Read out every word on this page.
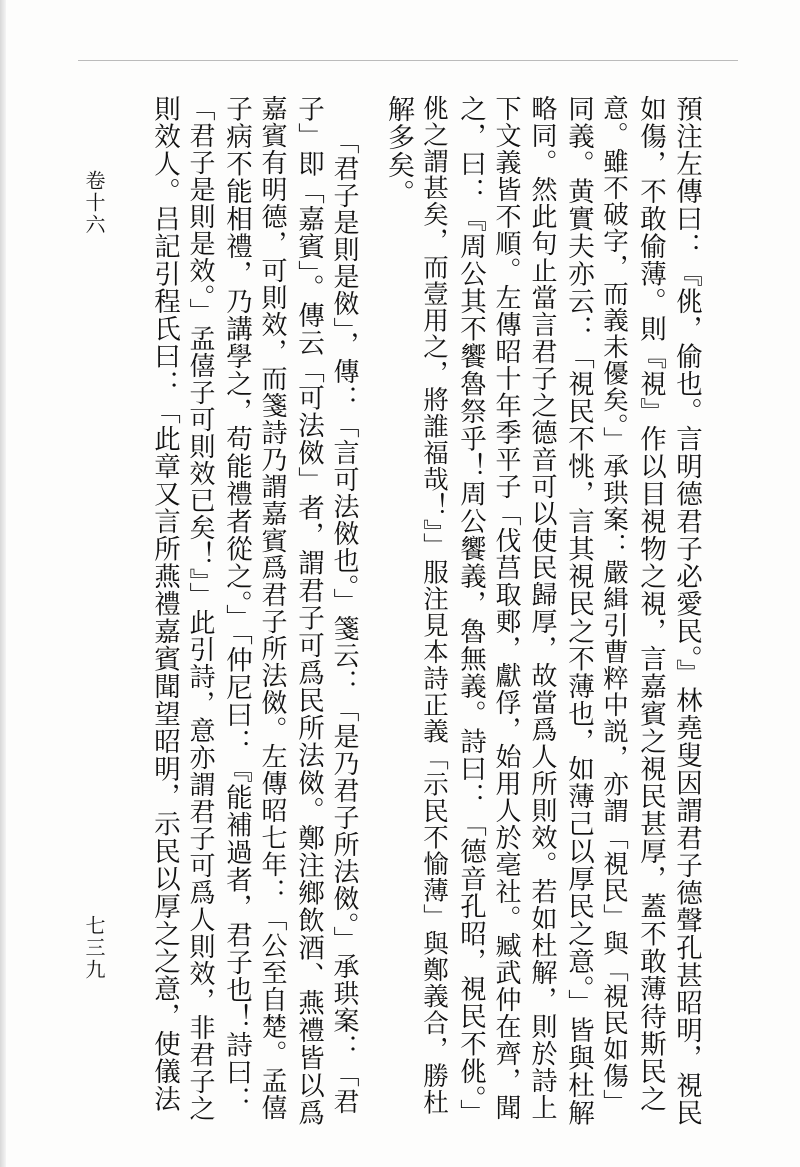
預注左傳曰：『佻，偷也。言明德君子必愛民。』林堯叟因謂君子德聲孔甚昭明，視民
如傷，不敢偷薄。則『視』作以目視物之視，言嘉賓之視民甚厚，蓋不敢薄待斯民之
意。雖不破字，而義未優矣。」承珙案：嚴緝引曹粹中説，亦謂「視民」與「視民如傷」
同義。黄實夫亦云：「視民不恌，言其視民之不薄也，如薄己以厚民之意。」皆與杜解
略同。然此句止當言君子之德音可以使民歸厚，故當爲人所則效。若如杜解，則於詩上
下文義皆不順。左傳昭十年季平子「伐莒取郠，獻俘，始用人於亳社。臧武仲在齊，聞
之，曰：『周公其不饗魯祭乎！周公饗義，魯無義。詩曰：「德音孔昭，視民不佻。」
佻之謂甚矣，而壹用之，將誰福哉！』」服注見本詩正義「示民不愉薄」與鄭義合，勝杜
解多矣。
「君子是則是傚」，傳：「言可法傚也。」箋云：「是乃君子所法傚。」承珙案：「君
子」即「嘉賓」。傳云「可法傚」者，謂君子可爲民所法傚。鄭注鄉飲酒、燕禮皆以爲
嘉賓有明德，可則效，而箋詩乃謂嘉賓爲君子所法傚。左傳昭七年：「公至自楚。孟僖
子病不能相禮，乃講學之，苟能禮者從之。」「仲尼曰：『能補過者，君子也！詩曰：
「君子是則是效。」孟僖子可則效已矣！』」此引詩，意亦謂君子可爲人則效，非君子之
則效人。吕記引程氏曰：「此章又言所燕禮嘉賓聞望昭明，示民以厚之之意，使儀法
卷十六
七三九
